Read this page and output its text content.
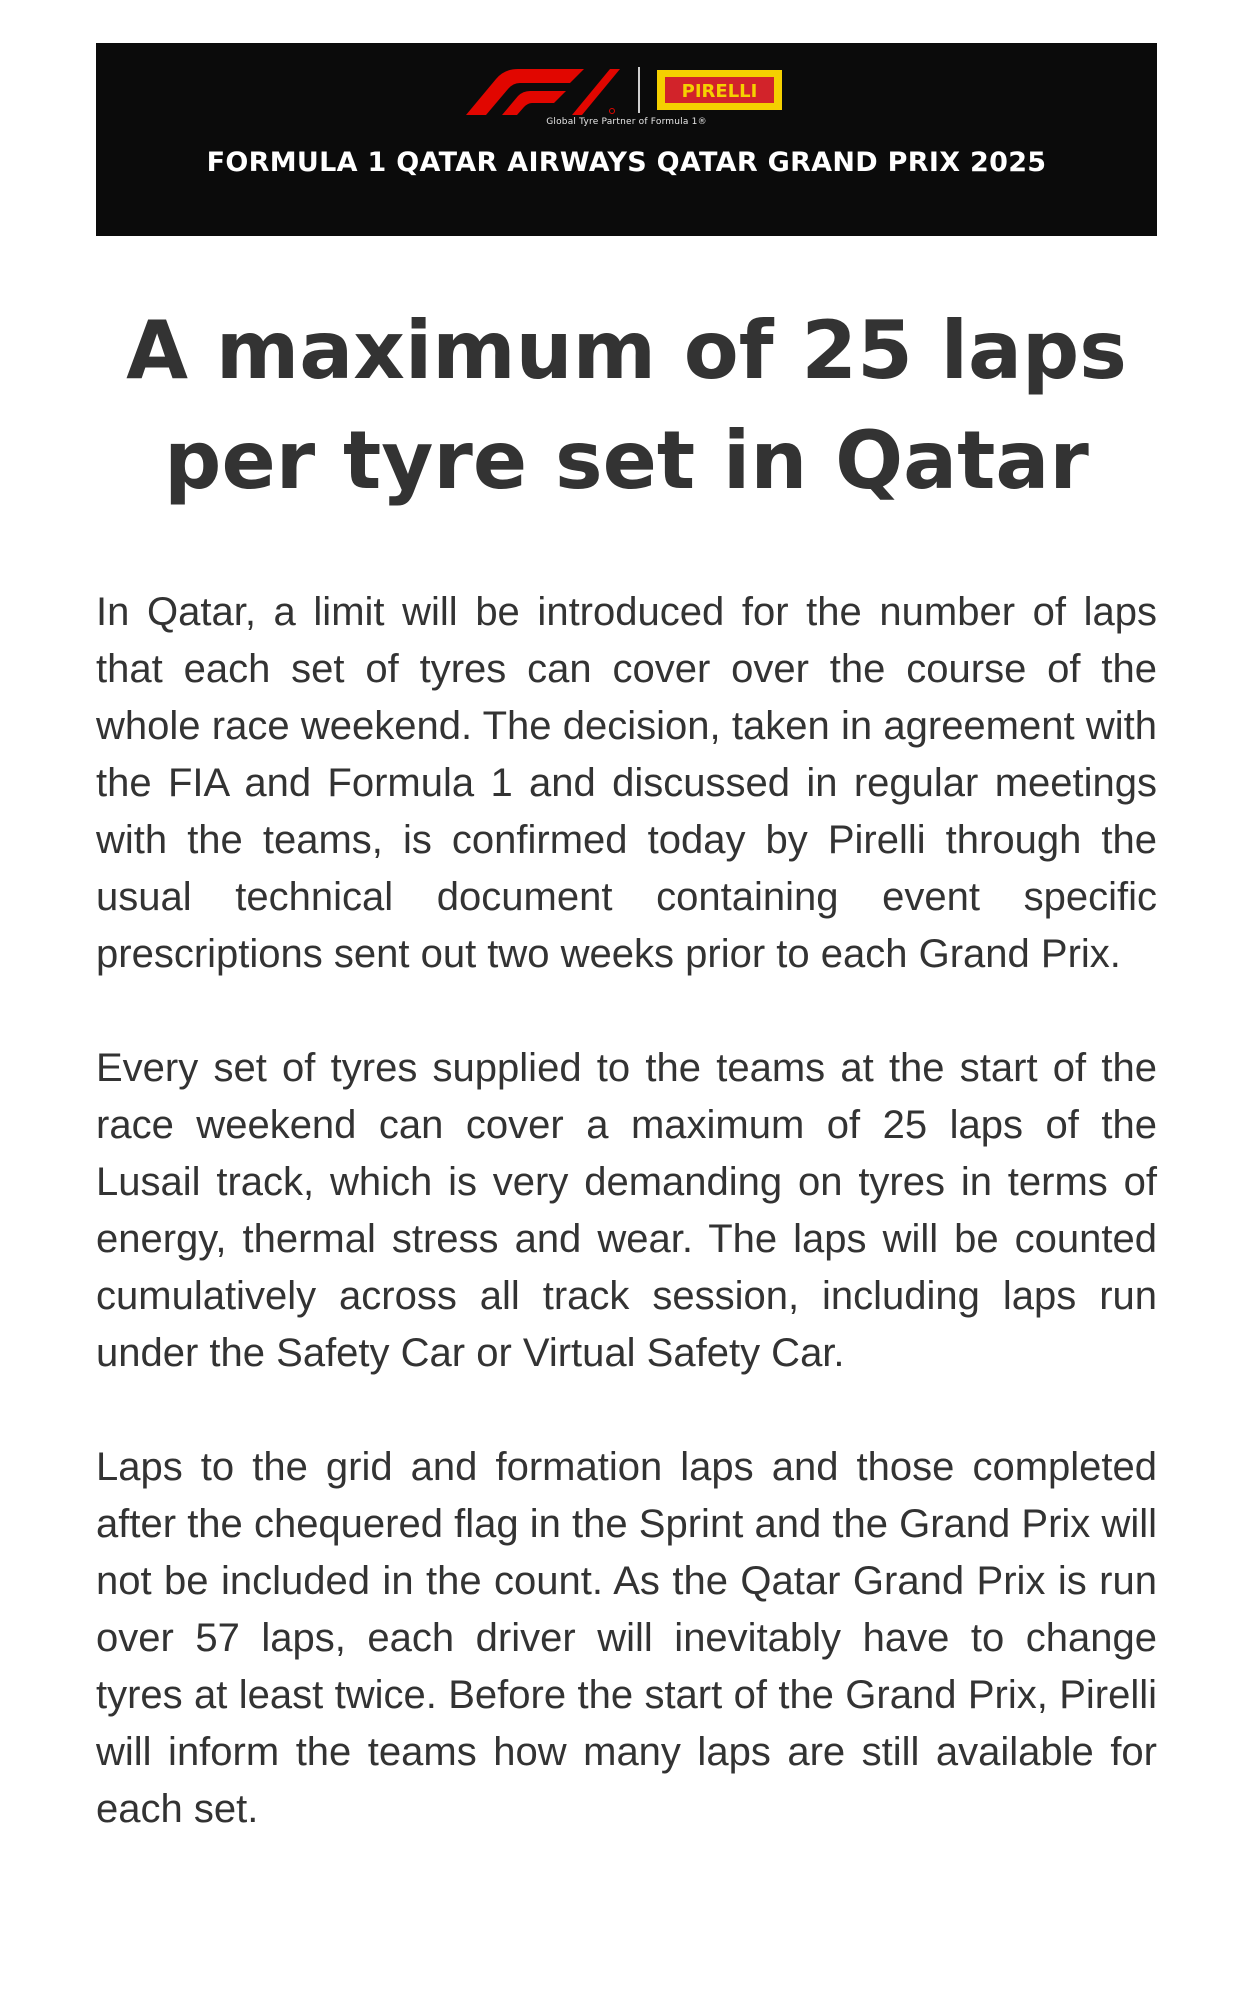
PIRELLI
Global Tyre Partner of Formula 1®
FORMULA 1 QATAR AIRWAYS QATAR GRAND PRIX 2025
A maximum of 25 laps per tyre set in Qatar

In Qatar, a limit will be introduced for the number of laps that each set of tyres can cover over the course of the whole race weekend. The decision, taken in agreement with the FIA and Formula 1 and discussed in regular meetings with the teams, is confirmed today by Pirelli through the usual technical document containing event specific prescriptions sent out two weeks prior to each Grand Prix.

Every set of tyres supplied to the teams at the start of the race weekend can cover a maximum of 25 laps of the Lusail track, which is very demanding on tyres in terms of energy, thermal stress and wear. The laps will be counted cumulatively across all track session, including laps run under the Safety Car or Virtual Safety Car.

Laps to the grid and formation laps and those completed after the chequered flag in the Sprint and the Grand Prix will not be included in the count. As the Qatar Grand Prix is run over 57 laps, each driver will inevitably have to change tyres at least twice. Before the start of the Grand Prix, Pirelli will inform the teams how many laps are still available for each set.
